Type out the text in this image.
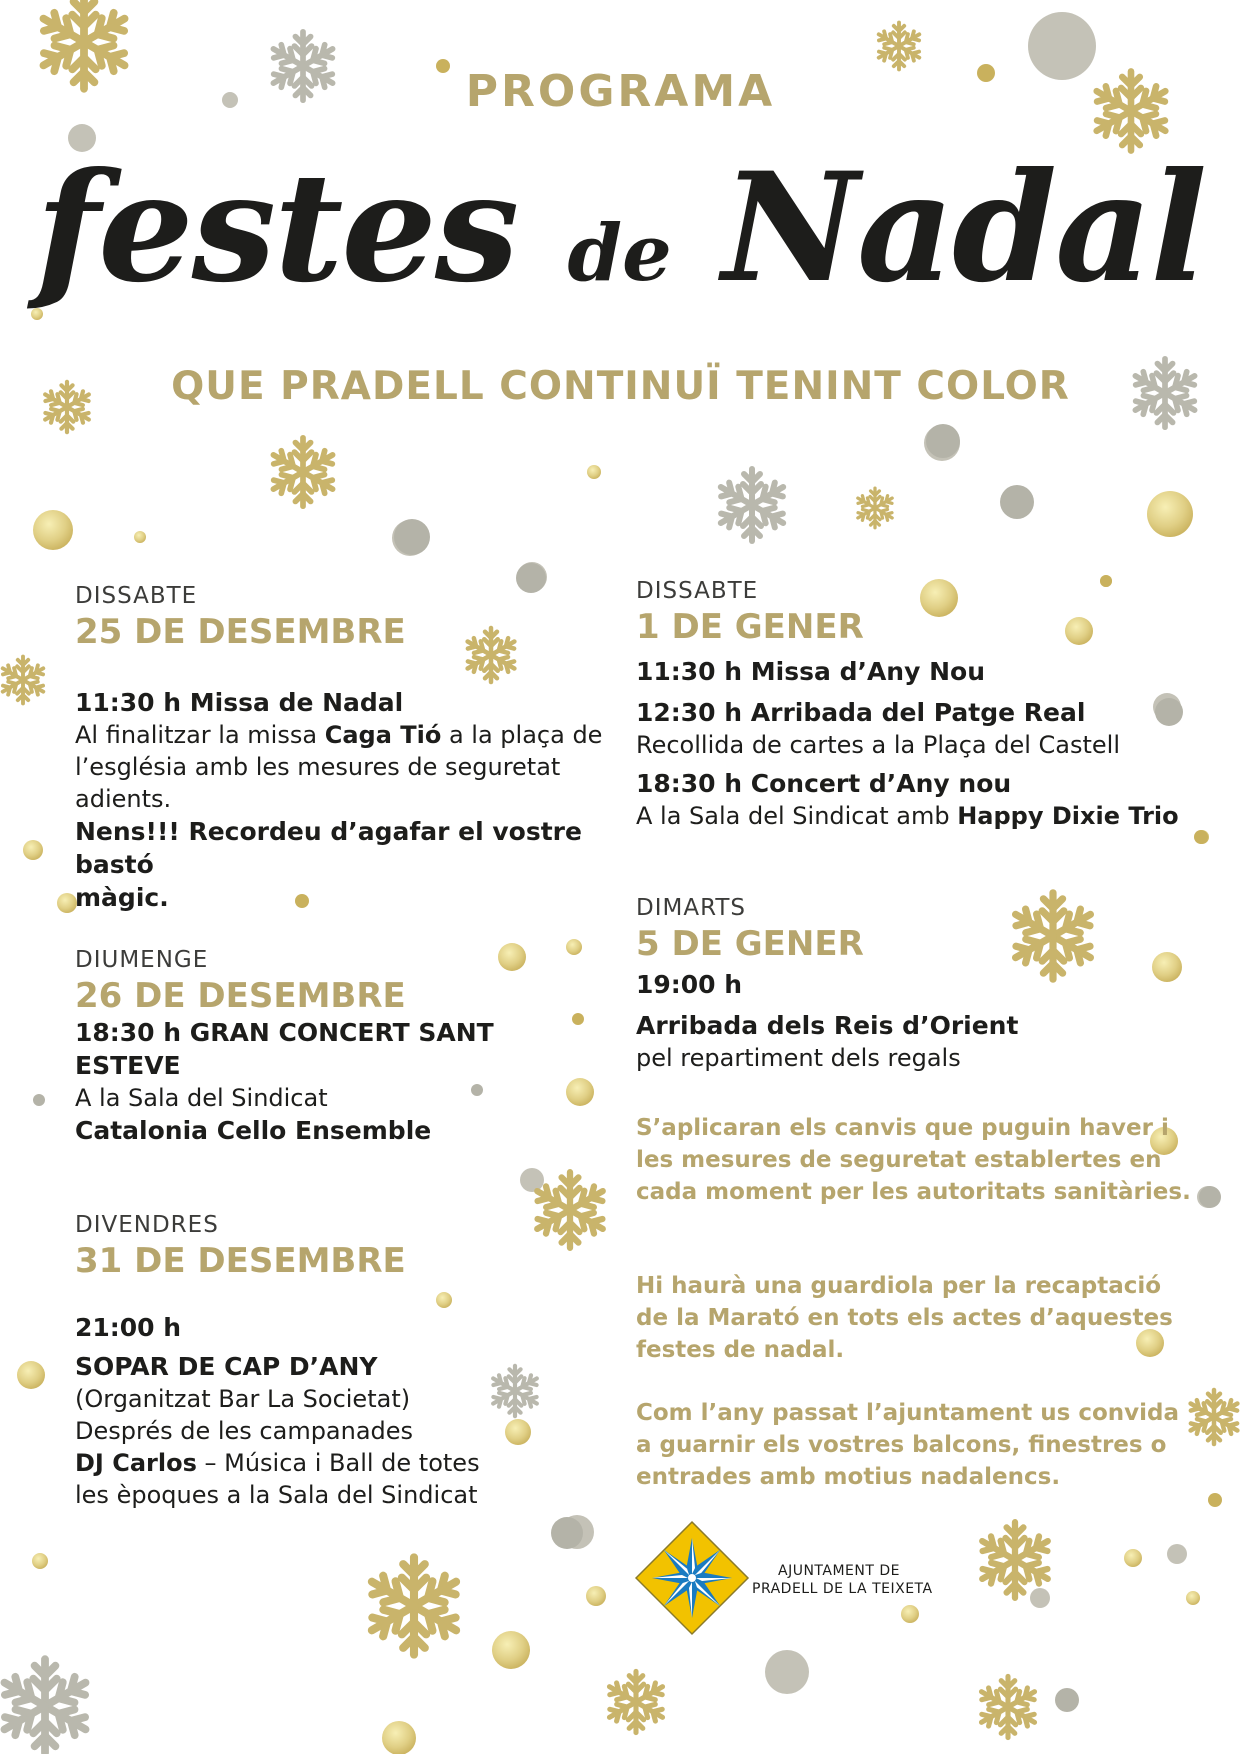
PROGRAMA
festes de Nadal
QUE PRADELL CONTINUÏ TENINT COLOR
DISSABTE
25 DE DESEMBRE
11:30 h Missa de Nadal
Al finalitzar la missa Caga Tió a la plaça de
l’església amb les mesures de seguretat
adients.
Nens!!! Recordeu d’agafar el vostre bastó
màgic.
DIUMENGE
26 DE DESEMBRE
18:30 h GRAN CONCERT SANT
ESTEVE
A la Sala del Sindicat
Catalonia Cello Ensemble
DIVENDRES
31 DE DESEMBRE
21:00 h
SOPAR DE CAP D’ANY
(Organitzat Bar La Societat)
Després de les campanades
DJ Carlos – Música i Ball de totes
les èpoques a la Sala del Sindicat
DISSABTE
1 DE GENER
11:30 h Missa d’Any Nou
12:30 h Arribada del Patge Real
Recollida de cartes a la Plaça del Castell
18:30 h Concert d’Any nou
A la Sala del Sindicat amb Happy Dixie Trio
DIMARTS
5 DE GENER
19:00 h
Arribada dels Reis d’Orient
pel repartiment dels regals
S’aplicaran els canvis que puguin haver i
les mesures de seguretat establertes en
cada moment per les autoritats sanitàries.
Hi haurà una guardiola per la recaptació
de la Marató en tots els actes d’aquestes
festes de nadal.
Com l’any passat l’ajuntament us convida
a guarnir els vostres balcons, finestres o
entrades amb motius nadalencs.
AJUNTAMENT DE
PRADELL DE LA TEIXETA
